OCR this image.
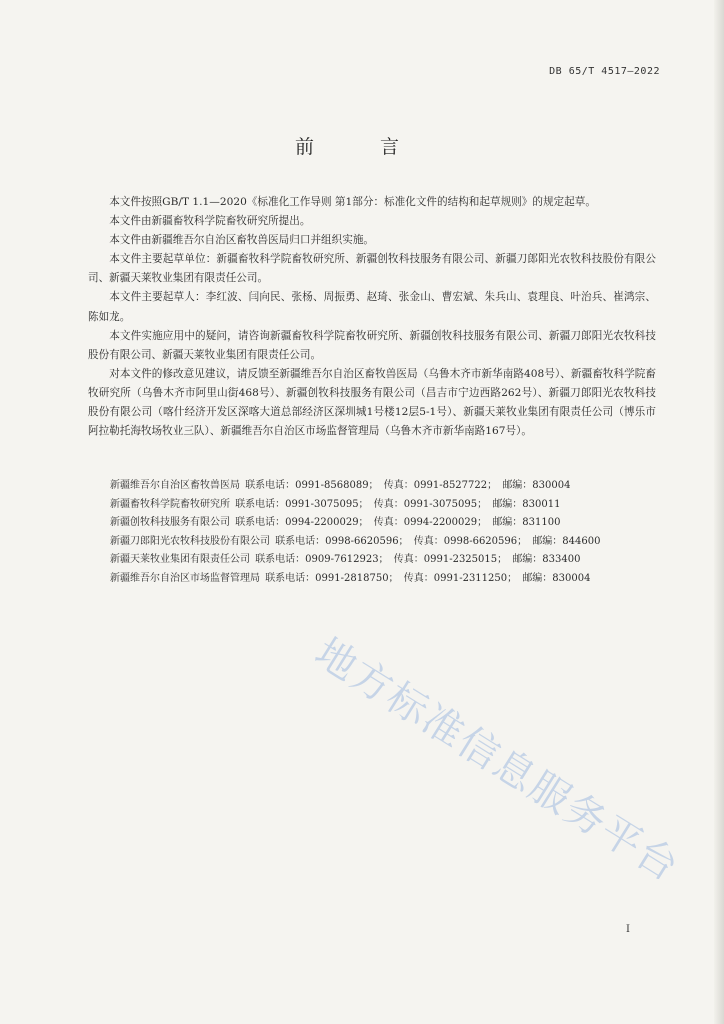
DB 65/T 4517—2022
前 言

本文件按照GB/T 1.1—2020《标准化工作导则 第1部分：标准化文件的结构和起草规则》的规定起草。

本文件由新疆畜牧科学院畜牧研究所提出。

本文件由新疆维吾尔自治区畜牧兽医局归口并组织实施。

本文件主要起草单位：新疆畜牧科学院畜牧研究所、新疆创牧科技服务有限公司、新疆刀郎阳光农牧科技股份有限公司、新疆天莱牧业集团有限责任公司。

本文件主要起草人：李红波、闫向民、张杨、周振勇、赵琦、张金山、曹宏斌、朱兵山、袁理良、叶治兵、崔鸿宗、陈如龙。

本文件实施应用中的疑问，请咨询新疆畜牧科学院畜牧研究所、新疆创牧科技服务有限公司、新疆刀郎阳光农牧科技股份有限公司、新疆天莱牧业集团有限责任公司。

对本文件的修改意见建议，请反馈至新疆维吾尔自治区畜牧兽医局（乌鲁木齐市新华南路408号）、新疆畜牧科学院畜牧研究所（乌鲁木齐市阿里山街468号）、新疆创牧科技服务有限公司（昌吉市宁边西路262号）、新疆刀郎阳光农牧科技股份有限公司（喀什经济开发区深喀大道总部经济区深圳城1号楼12层5-1号）、新疆天莱牧业集团有限责任公司（博乐市阿拉勒托海牧场牧业三队）、新疆维吾尔自治区市场监督管理局（乌鲁木齐市新华南路167号）。

新疆维吾尔自治区畜牧兽医局 联系电话：0991-8568089； 传真：0991-8527722； 邮编：830004
新疆畜牧科学院畜牧研究所 联系电话：0991-3075095； 传真：0991-3075095； 邮编：830011
新疆创牧科技服务有限公司 联系电话：0994-2200029； 传真：0994-2200029； 邮编：831100
新疆刀郎阳光农牧科技股份有限公司 联系电话：0998-6620596； 传真：0998-6620596； 邮编：844600
新疆天莱牧业集团有限责任公司 联系电话：0909-7612923； 传真：0991-2325015； 邮编：833400
新疆维吾尔自治区市场监督管理局 联系电话：0991-2818750； 传真：0991-2311250； 邮编：830004
地方标准信息服务平台
I
